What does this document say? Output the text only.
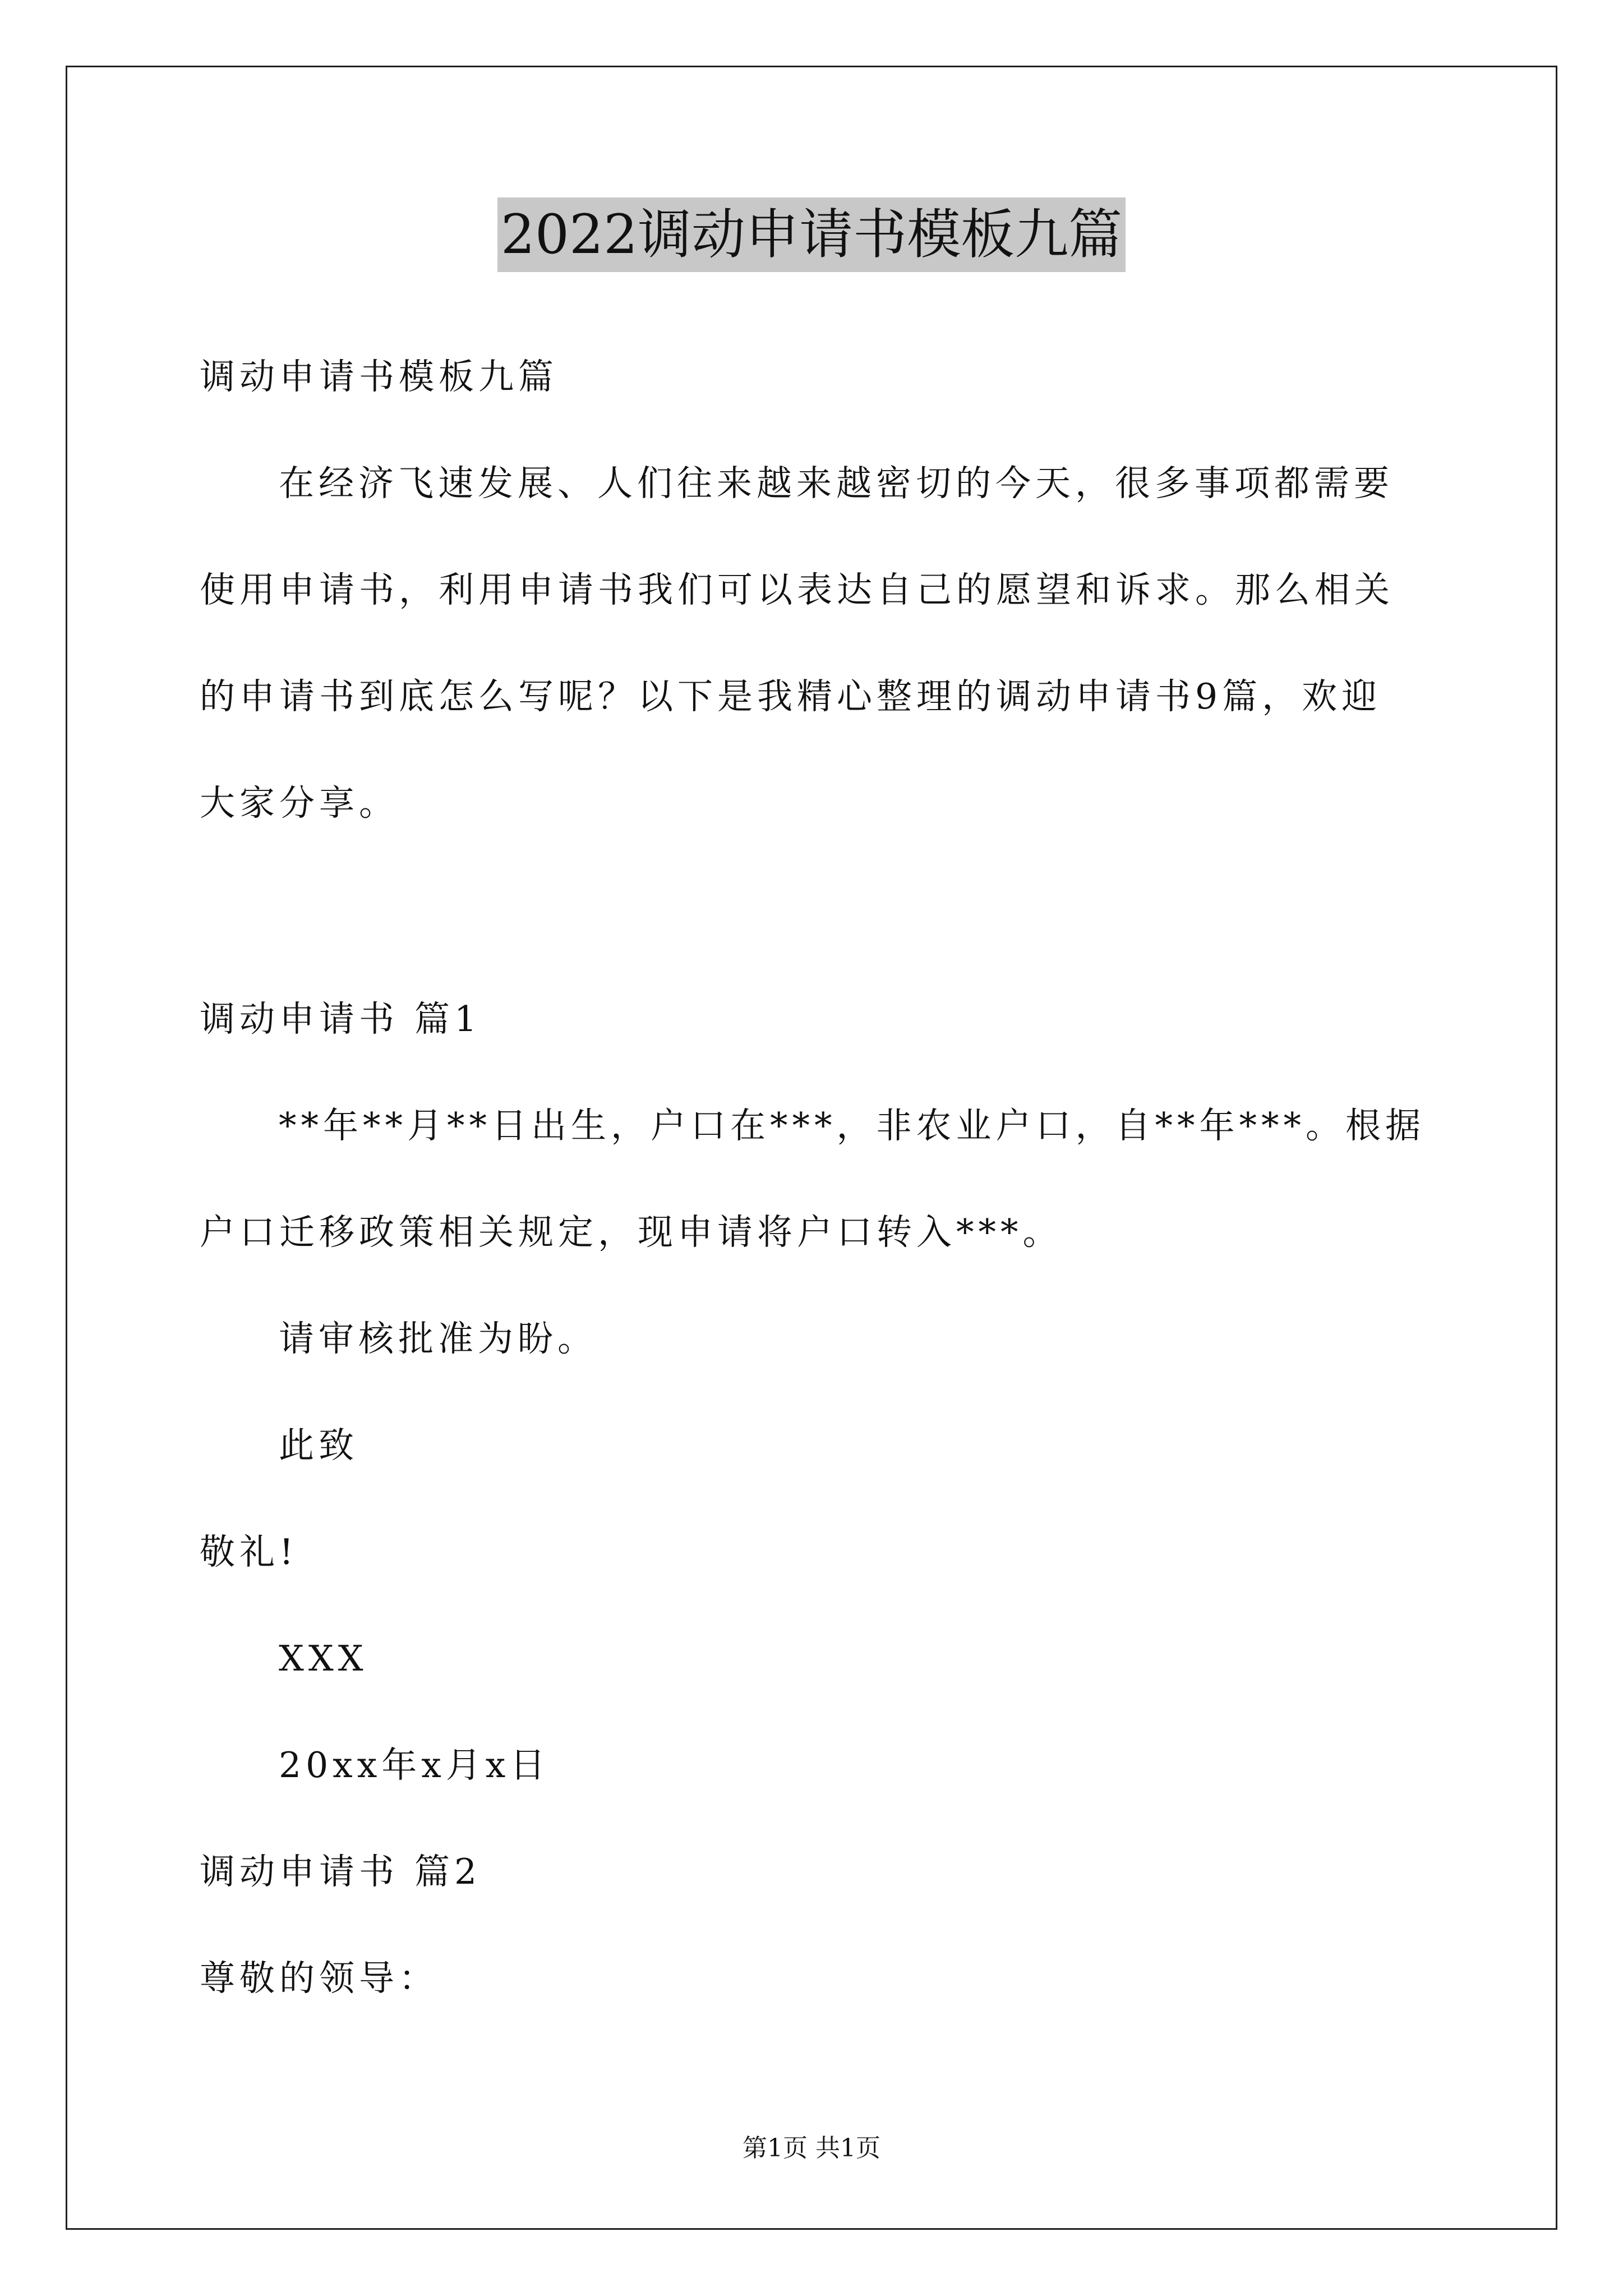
2022调动申请书模板九篇
调动申请书模板九篇
在经济飞速发展、人们往来越来越密切的今天，很多事项都需要
使用申请书，利用申请书我们可以表达自己的愿望和诉求。那么相关
的申请书到底怎么写呢？以下是我精心整理的调动申请书9篇，欢迎
大家分享。
调动申请书 篇1
**年**月**日出生，户口在***，非农业户口，自**年***。根据
户口迁移政策相关规定，现申请将户口转入***。
请审核批准为盼。
此致
敬礼!
XXX
20xx年x月x日
调动申请书 篇2
尊敬的领导：
第1页 共1页
